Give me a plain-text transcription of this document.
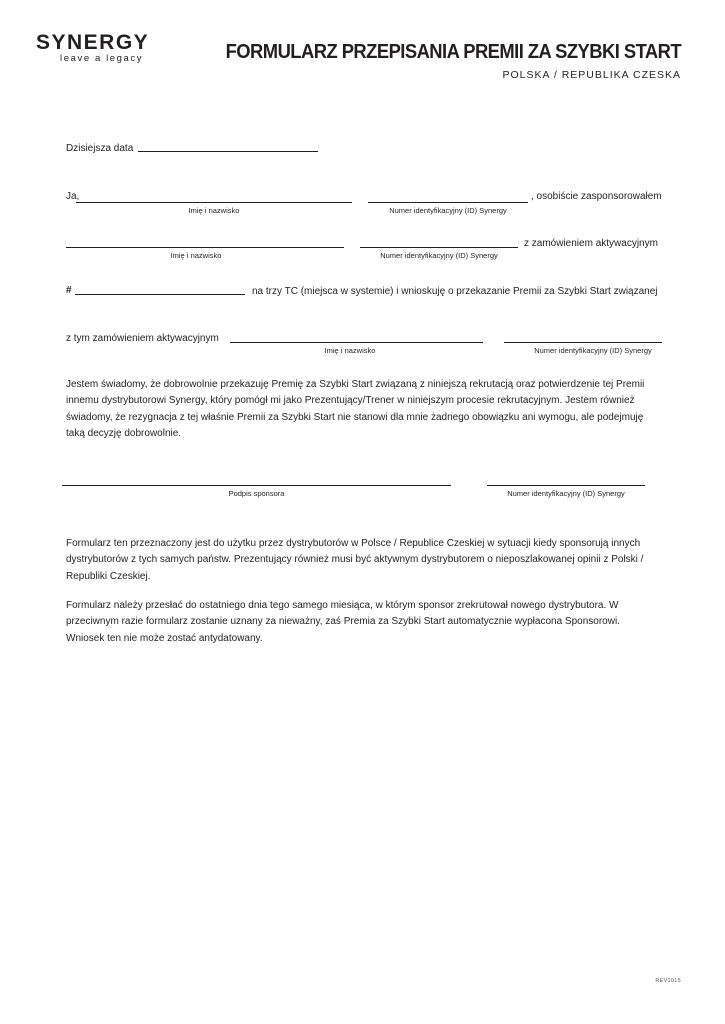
SYNERGY
leave a legacy	FORMULARZ PRZEPISANIA PREMII ZA SZYBKI START
POLSKA / REPUBLIKA CZESKA
Dzisiejsza data
Ja,	, osobiście zasponsorowałem
Imię i nazwisko	Numer identyfikacyjny (ID) Synergy
z zamówieniem aktywacyjnym
Imię i nazwisko	Numer identyfikacyjny (ID) Synergy
#	na trzy TC (miejsca w systemie) i wnioskuję o przekazanie Premii za Szybki Start związanej
z tym zamówieniem aktywacyjnym
Imię i nazwisko	Numer identyfikacyjny (ID) Synergy
Jestem świadomy, że dobrowolnie przekazuję Premię za Szybki Start związaną z niniejszą rekrutacją oraz potwierdzenie tej Premii
innemu dystrybutorowi Synergy, który pomógł mi jako Prezentujący/Trener w niniejszym procesie rekrutacyjnym. Jestem również
świadomy, że rezygnacja z tej właśnie Premii za Szybki Start nie stanowi dla mnie żadnego obowiązku ani wymogu, ale podejmuję
taką decyzję dobrowolnie.
Podpis sponsora	Numer identyfikacyjny (ID) Synergy
Formularz ten przeznaczony jest do użytku przez dystrybutorów w Polsce / Republice Czeskiej w sytuacji kiedy sponsorują innych
dystrybutorów z tych samych państw. Prezentujący również musi być aktywnym dystrybutorem o nieposzlakowanej opinii z Polski /
Republiki Czeskiej.
Formularz należy przesłać do ostatniego dnia tego samego miesiąca, w którym sponsor zrekrutował nowego dystrybutora. W
przeciwnym razie formularz zostanie uznany za nieważny, zaś Premia za Szybki Start automatycznie wypłacona Sponsorowi.
Wniosek ten nie może zostać antydatowany.
REV1015
